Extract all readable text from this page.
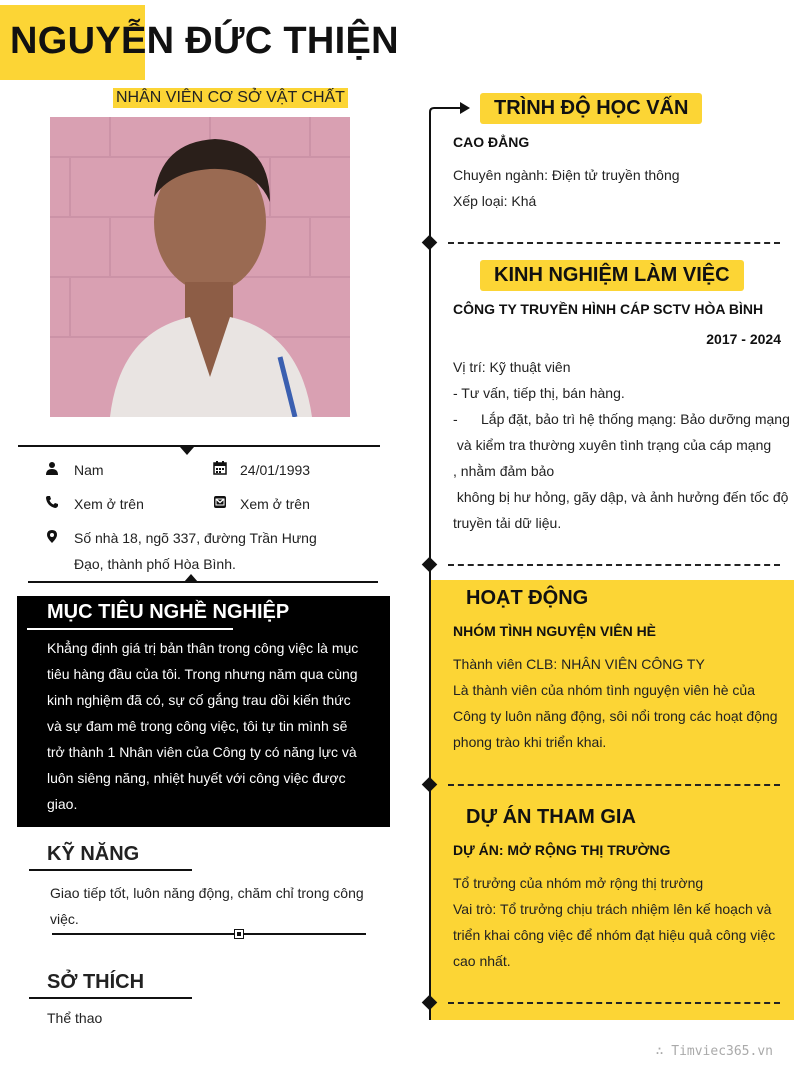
NGUYỄN ĐỨC THIỆN
NHÂN VIÊN CƠ SỞ VẬT CHẤT
Nam	24/01/1993
Xem ở trên	Xem ở trên
Số nhà 18, ngõ 337, đường Trần Hưng
Đạo, thành phố Hòa Bình.
MỤC TIÊU NGHỀ NGHIỆP
Khẳng định giá trị bản thân trong công việc là mục
tiêu hàng đầu của tôi. Trong nhưng năm qua cùng
kinh nghiệm đã có, sự cố gắng trau dồi kiến thức
và sự đam mê trong công việc, tôi tự tin mình sẽ
trở thành 1 Nhân viên của Công ty có năng lực và
luôn siêng năng, nhiệt huyết với công việc được
giao.
KỸ NĂNG
Giao tiếp tốt, luôn năng động, chăm chỉ trong công
việc.
SỞ THÍCH
Thể thao
TRÌNH ĐỘ HỌC VẤN
CAO ĐẲNG
Chuyên ngành: Điện tử truyền thông
Xếp loại: Khá
KINH NGHIỆM LÀM VIỆC
CÔNG TY TRUYỀN HÌNH CÁP SCTV HÒA BÌNH
2017 - 2024
Vị trí: Kỹ thuật viên
- Tư vấn, tiếp thị, bán hàng.
-      Lắp đặt, bảo trì hệ thống mạng: Bảo dưỡng mạng
và kiểm tra thường xuyên tình trạng của cáp mạng
, nhằm đảm bảo
không bị hư hỏng, gãy dập, và ảnh hưởng đến tốc độ
truyền tải dữ liệu.
HOẠT ĐỘNG
NHÓM TÌNH NGUYỆN VIÊN HÈ
Thành viên CLB: NHÂN VIÊN CÔNG TY
Là thành viên của nhóm tình nguyện viên hè của
Công ty luôn năng động, sôi nổi trong các hoạt động
phong trào khi triển khai.
DỰ ÁN THAM GIA
DỰ ÁN: MỞ RỘNG THỊ TRƯỜNG
Tổ trưởng của nhóm mở rộng thị trường
Vai trò: Tổ trưởng chịu trách nhiệm lên kế hoạch và
triển khai công việc để nhóm đạt hiệu quả công việc
cao nhất.
∴ Timviec365.vn
